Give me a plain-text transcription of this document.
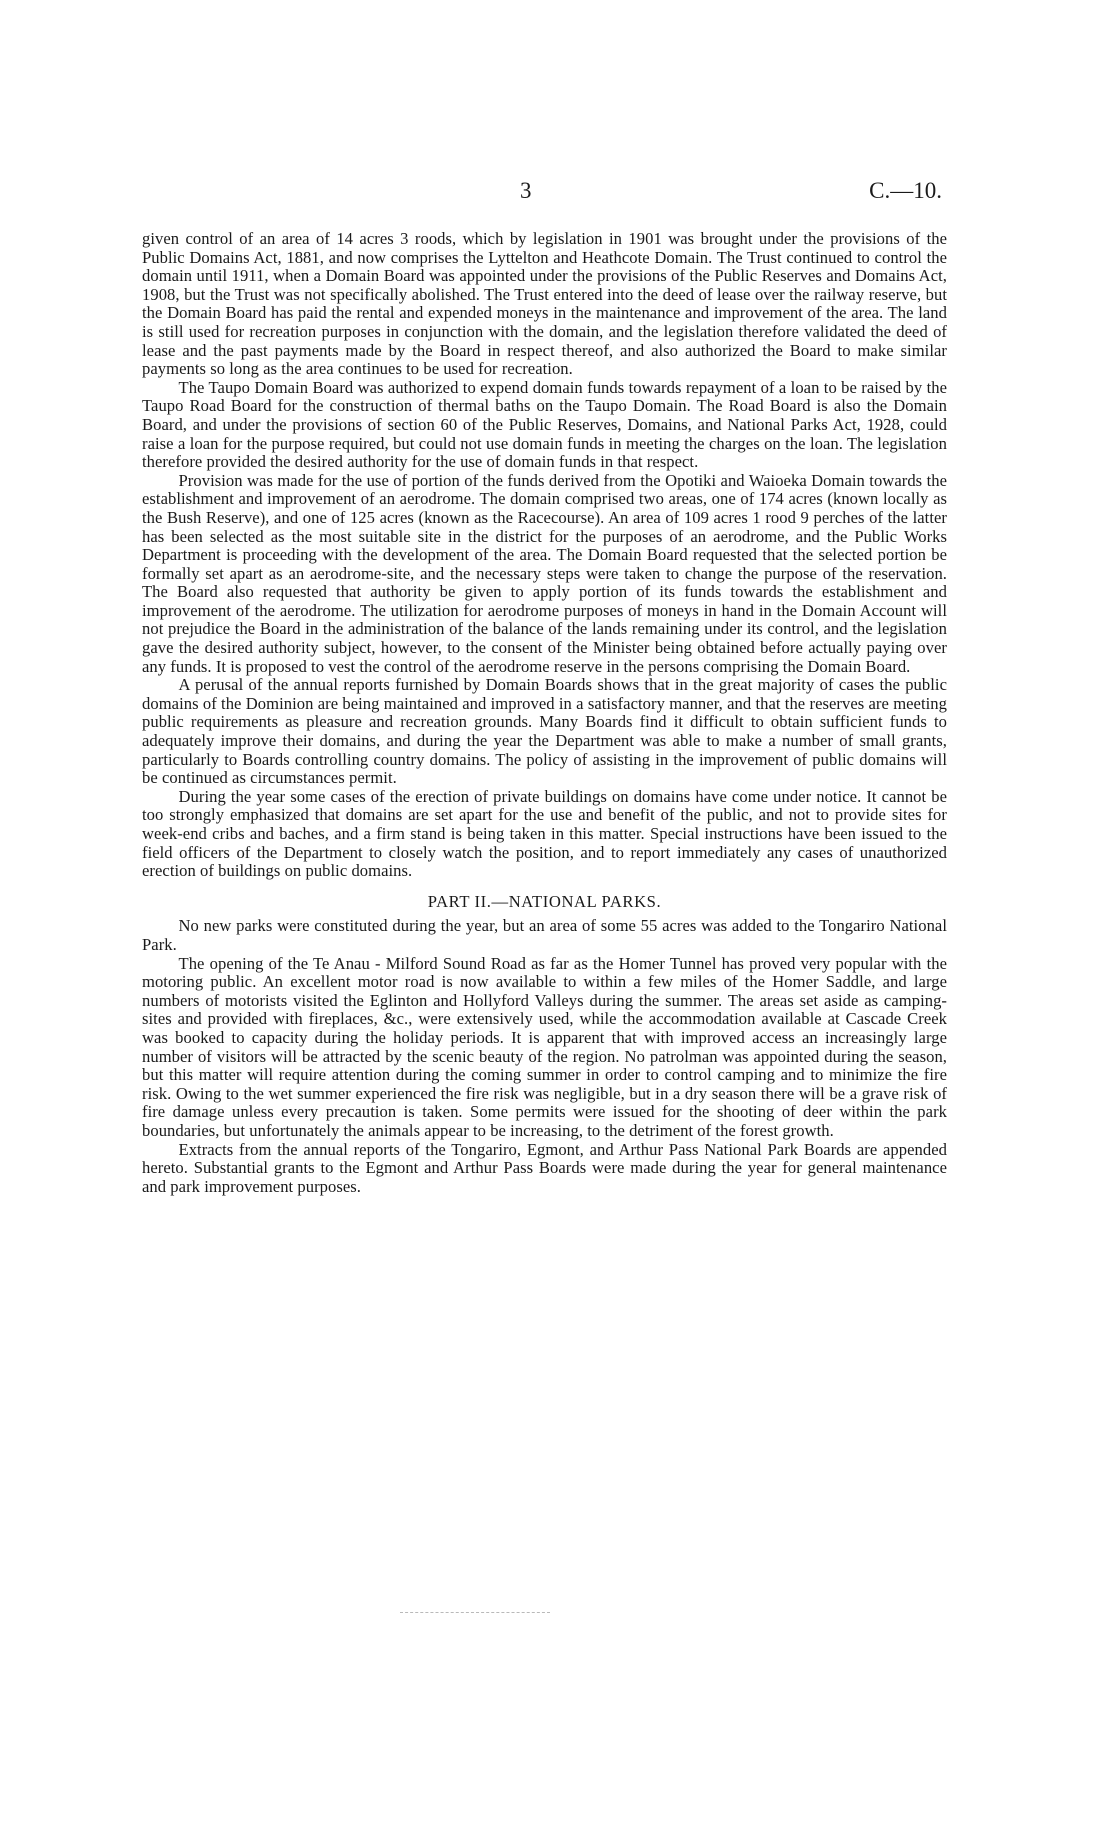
3	C.—10.

given control of an area of 14 acres 3 roods, which by legislation in 1901 was brought under the provisions of the Public Domains Act, 1881, and now comprises the Lyttelton and Heathcote Domain. The Trust continued to control the domain until 1911, when a Domain Board was appointed under the provisions of the Public Reserves and Domains Act, 1908, but the Trust was not specifically abolished. The Trust entered into the deed of lease over the railway reserve, but the Domain Board has paid the rental and expended moneys in the maintenance and improvement of the area. The land is still used for recreation purposes in conjunction with the domain, and the legislation therefore validated the deed of lease and the past payments made by the Board in respect thereof, and also authorized the Board to make similar payments so long as the area continues to be used for recreation.

The Taupo Domain Board was authorized to expend domain funds towards repayment of a loan to be raised by the Taupo Road Board for the construction of thermal baths on the Taupo Domain. The Road Board is also the Domain Board, and under the provisions of section 60 of the Public Reserves, Domains, and National Parks Act, 1928, could raise a loan for the purpose required, but could not use domain funds in meeting the charges on the loan. The legislation therefore provided the desired authority for the use of domain funds in that respect.

Provision was made for the use of portion of the funds derived from the Opotiki and Waioeka Domain towards the establishment and improvement of an aerodrome. The domain comprised two areas, one of 174 acres (known locally as the Bush Reserve), and one of 125 acres (known as the Racecourse). An area of 109 acres 1 rood 9 perches of the latter has been selected as the most suitable site in the district for the purposes of an aerodrome, and the Public Works Department is proceeding with the development of the area. The Domain Board requested that the selected portion be formally set apart as an aerodrome-site, and the necessary steps were taken to change the purpose of the reservation. The Board also requested that authority be given to apply portion of its funds towards the establishment and improvement of the aerodrome. The utilization for aerodrome purposes of moneys in hand in the Domain Account will not prejudice the Board in the administration of the balance of the lands remaining under its control, and the legislation gave the desired authority subject, however, to the consent of the Minister being obtained before actually paying over any funds. It is proposed to vest the control of the aerodrome reserve in the persons comprising the Domain Board.

A perusal of the annual reports furnished by Domain Boards shows that in the great majority of cases the public domains of the Dominion are being maintained and improved in a satisfactory manner, and that the reserves are meeting public requirements as pleasure and recreation grounds. Many Boards find it difficult to obtain sufficient funds to adequately improve their domains, and during the year the Department was able to make a number of small grants, particularly to Boards controlling country domains. The policy of assisting in the improvement of public domains will be continued as circumstances permit.

During the year some cases of the erection of private buildings on domains have come under notice. It cannot be too strongly emphasized that domains are set apart for the use and benefit of the public, and not to provide sites for week-end cribs and baches, and a firm stand is being taken in this matter. Special instructions have been issued to the field officers of the Department to closely watch the position, and to report immediately any cases of unauthorized erection of buildings on public domains.

PART II.—NATIONAL PARKS.

No new parks were constituted during the year, but an area of some 55 acres was added to the Tongariro National Park.

The opening of the Te Anau - Milford Sound Road as far as the Homer Tunnel has proved very popular with the motoring public. An excellent motor road is now available to within a few miles of the Homer Saddle, and large numbers of motorists visited the Eglinton and Hollyford Valleys during the summer. The areas set aside as camping-sites and provided with fireplaces, &c., were extensively used, while the accommodation available at Cascade Creek was booked to capacity during the holiday periods. It is apparent that with improved access an increasingly large number of visitors will be attracted by the scenic beauty of the region. No patrolman was appointed during the season, but this matter will require attention during the coming summer in order to control camping and to minimize the fire risk. Owing to the wet summer experienced the fire risk was negligible, but in a dry season there will be a grave risk of fire damage unless every precaution is taken. Some permits were issued for the shooting of deer within the park boundaries, but unfortunately the animals appear to be increasing, to the detriment of the forest growth.

Extracts from the annual reports of the Tongariro, Egmont, and Arthur Pass National Park Boards are appended hereto. Substantial grants to the Egmont and Arthur Pass Boards were made during the year for general maintenance and park improvement purposes.
